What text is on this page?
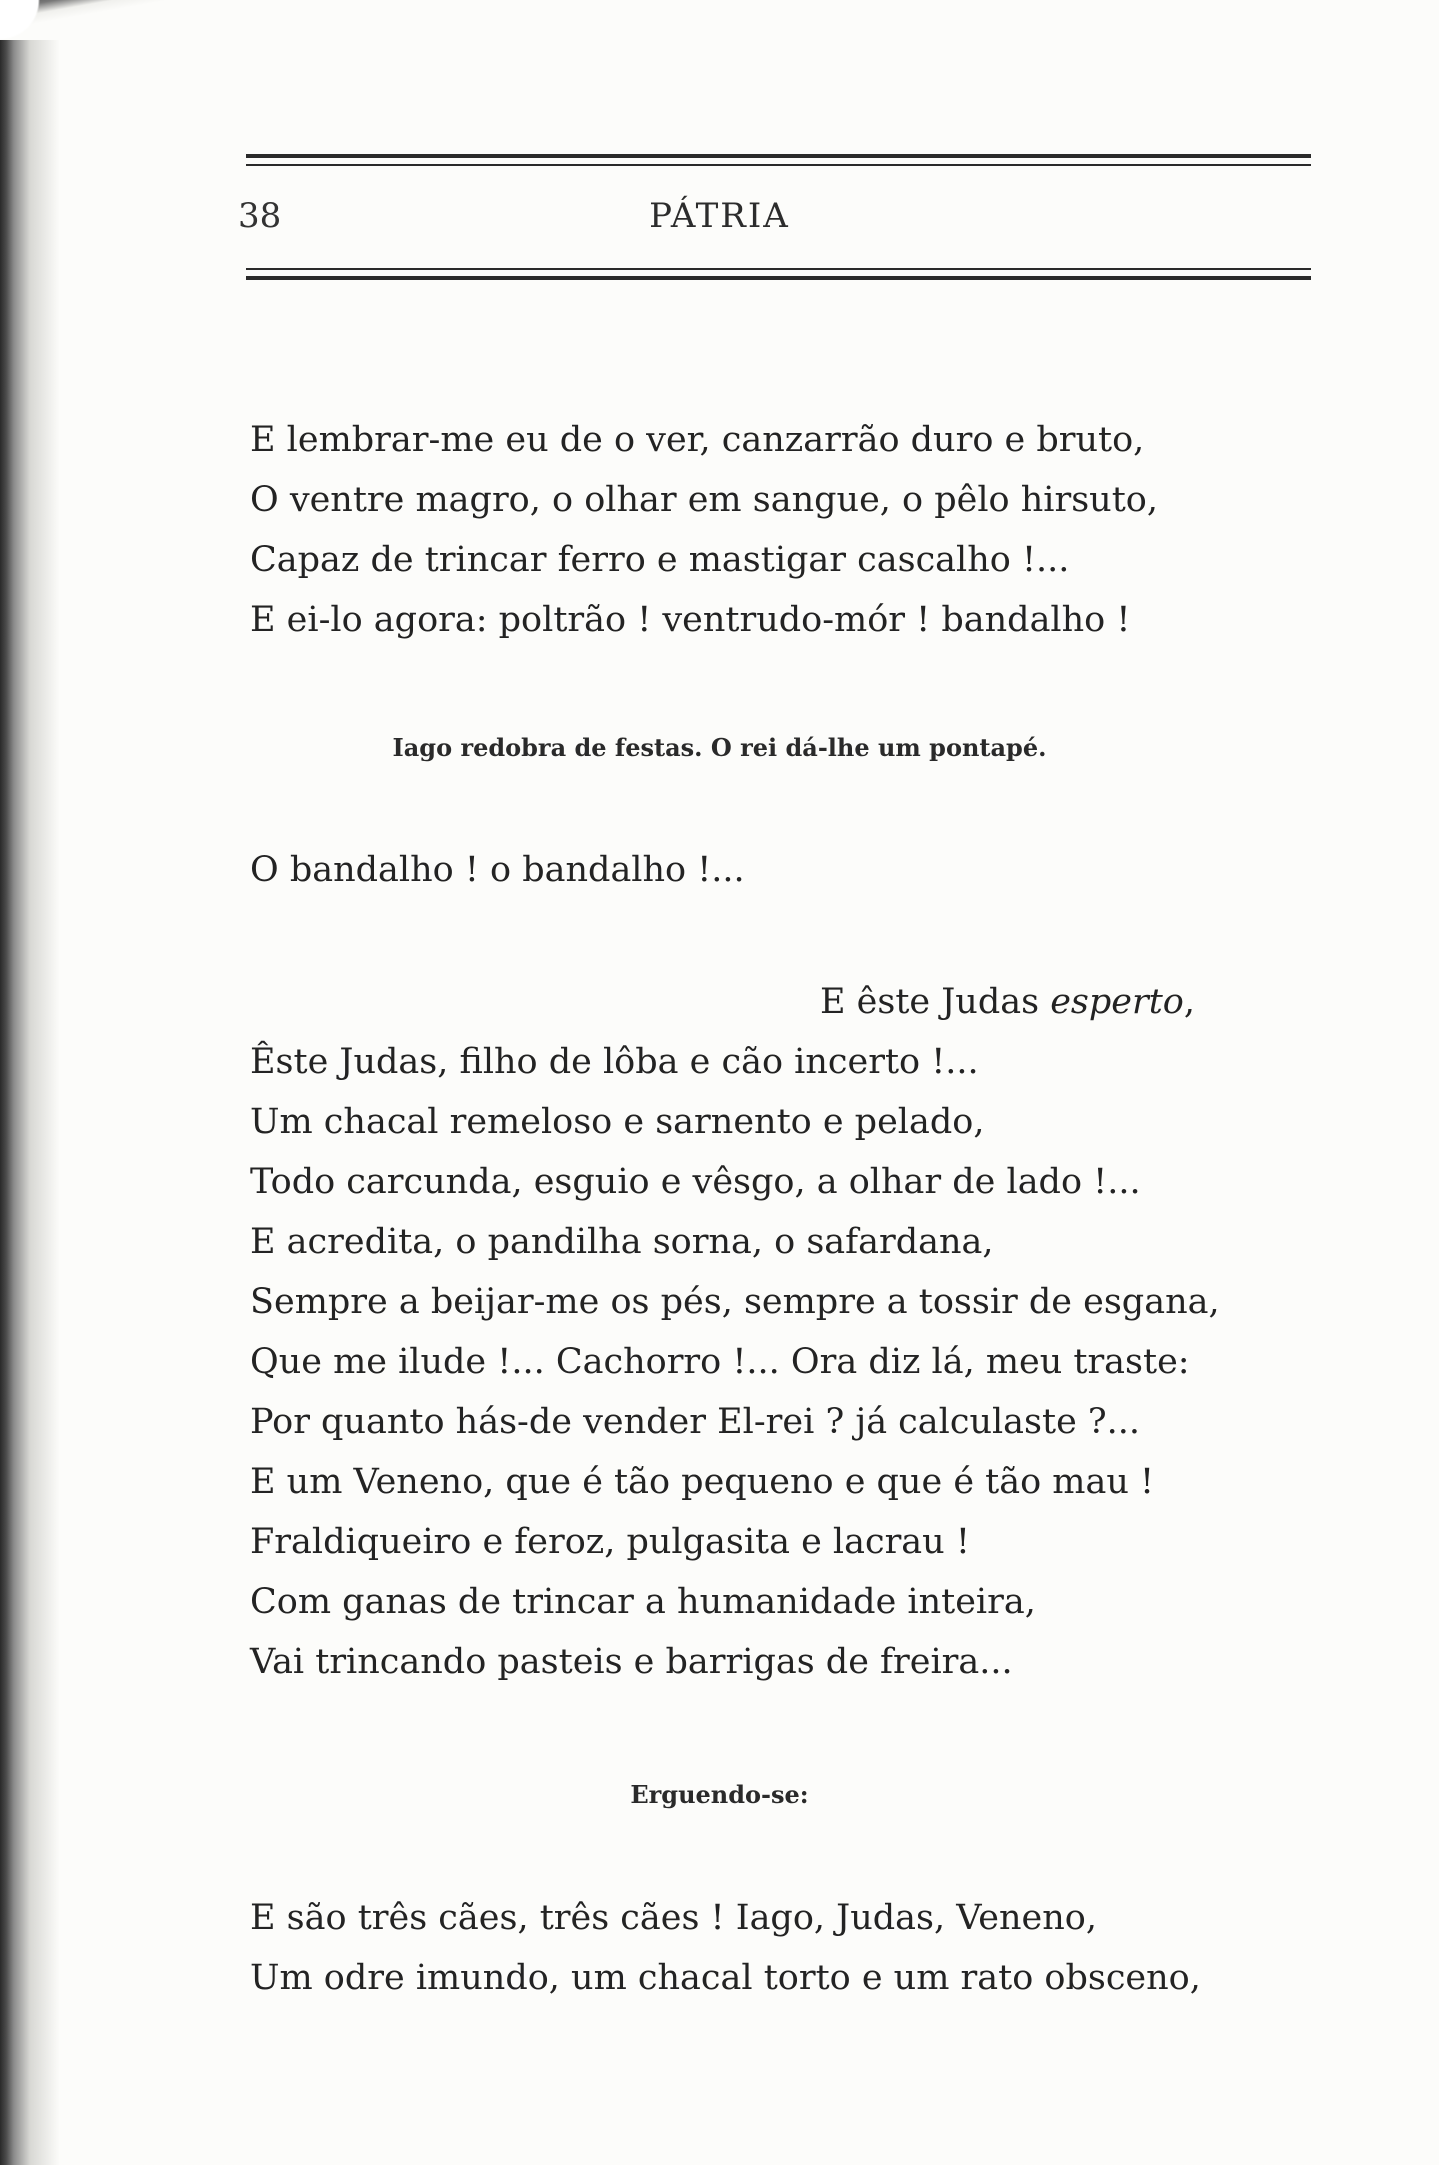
38	PÁTRIA
E lembrar-me eu de o ver, canzarrão duro e bruto,
O ventre magro, o olhar em sangue, o pêlo hirsuto,
Capaz de trincar ferro e mastigar cascalho !...
E ei-lo agora: poltrão ! ventrudo-mór ! bandalho !
Iago redobra de festas. O rei dá-lhe um pontapé.
O bandalho ! o bandalho !...
E êste Judas esperto,
Êste Judas, filho de lôba e cão incerto !...
Um chacal remeloso e sarnento e pelado,
Todo carcunda, esguio e vêsgo, a olhar de lado !...
E acredita, o pandilha sorna, o safardana,
Sempre a beijar-me os pés, sempre a tossir de esgana,
Que me ilude !... Cachorro !... Ora diz lá, meu traste:
Por quanto hás-de vender El-rei ? já calculaste ?...
E um Veneno, que é tão pequeno e que é tão mau !
Fraldiqueiro e feroz, pulgasita e lacrau !
Com ganas de trincar a humanidade inteira,
Vai trincando pasteis e barrigas de freira...
Erguendo-se:
E são três cães, três cães ! Iago, Judas, Veneno,
Um odre imundo, um chacal torto e um rato obsceno,
